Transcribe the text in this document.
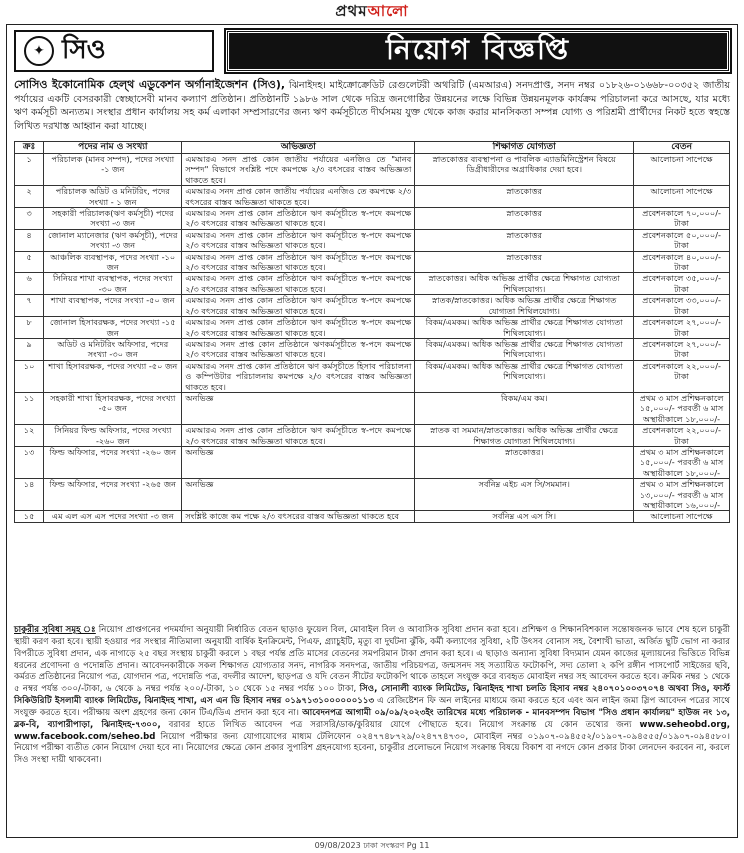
প্রথমআলো
✦ সিও	নিয়োগ বিজ্ঞপ্তি
সোসিও ইকোনোমিক হেল্থ এডুকেশন অর্গানাইজেশন (সিও), ঝিনাইদহ। মাইক্রোক্রেডিট রেগুলেটরী অথরিটি (এমআরএ) সনদপ্রাপ্ত, সনদ নম্বর ০১৮২৬-০১৬৬৮-০০৩৫২ জাতীয় পর্যায়ের একটি বেসরকারী স্বেচ্ছাসেবী মানব কল্যাণ প্রতিষ্ঠান। প্রতিষ্ঠানটি ১৯৮৬ সাল থেকে দরিদ্র জনগোষ্ঠির উন্নয়নের লক্ষে বিভিন্ন উন্নয়নমূলক কার্যক্রম পরিচালনা করে আসছে, যার মধ্যে ঋণ কর্মসূচী অন্যতম। সংস্থার প্রধান কার্যালয় সহ কর্ম এলাকা সম্প্রসারণের জন্য ঋণ কর্মসূচীতে দীর্ঘসময় যুক্ত থেকে কাজ করার মানসিকতা সম্পন্ন যোগ্য ও পরিশ্রমী প্রার্থীদের নিকট হতে স্বহস্তে লিখিত দরখাস্ত আহ্বান করা যাচ্ছে।
ক্রঃ	পদের নাম ও সংখ্যা	অভিজ্ঞতা	শিক্ষাগত যোগ্যতা	বেতন
১	পরিচালক (মানব সম্পদ), পদের সংখ্যা -১ জন	এমআরএ সনদ প্রাপ্ত কোন জাতীয় পর্যায়ের এনজিও তে "মানব সম্পদ" বিভাগে সংশ্লিষ্ট পদে কমপক্ষে ২/৩ বৎসরের বাস্তব অভিজ্ঞতা থাকতে হবে।	স্নাতকোত্তর ব্যবস্থাপনা ও পাবলিক এ্যাডমিনিস্ট্রেশন বিষয়ে ডিগ্রীধারীদের অগ্রাধিকার দেয়া হবে।	আলোচনা সাপেক্ষে
২	পরিচালক অডিট ও মনিটরিং, পদের সংখ্যা - ১ জন	এমআরএ সনদ প্রাপ্ত কোন জাতীয় পর্যায়ের এনজিও তে কমপক্ষে ২/৩ বৎসরের বাস্তব অভিজ্ঞতা থাকতে হবে।	স্নাতকোত্তর	আলোচনা সাপেক্ষে
৩	সহকারী পরিচালক(ঋণ কর্মসূচী) পদের সংখ্যা -৩ জন	এমআরএ সনদ প্রাপ্ত কোন প্রতিষ্ঠানে ঋণ কর্মসূচীতে স্ব-পদে কমপক্ষে ২/৩ বৎসরের বাস্তব অভিজ্ঞতা থাকতে হবে।	স্নাতকোত্তর	প্রবেশনকালে ৭০,০০০/-টাকা
৪	জোনাল ম্যানেজার (ঋণ কর্মসূচী), পদের সংখ্যা -৩ জন	এমআরএ সনদ প্রাপ্ত কোন প্রতিষ্ঠানে ঋণ কর্মসূচীতে স্ব-পদে কমপক্ষে ২/৩ বৎসরের বাস্তব অভিজ্ঞতা থাকতে হবে।	স্নাতকোত্তর	প্রবেশনকালে ৫০,০০০/- টাকা
৫	আঞ্চলিক ব্যবস্থাপক, পদের সংখ্যা -১০ জন	এমআরএ সনদ প্রাপ্ত কোন প্রতিষ্ঠানে ঋণ কর্মসূচীতে স্ব-পদে কমপক্ষে ২/৩ বৎসরের বাস্তব অভিজ্ঞতা থাকতে হবে।	স্নাতকোত্তর	প্রবেশনকালে ৪০,০০০/- টাকা
৬	সিনিয়র শাখা ব্যবস্থাপক, পদের সংখ্যা -৩০ জন	এমআরএ সনদ প্রাপ্ত কোন প্রতিষ্ঠানে ঋণ কর্মসূচীতে স্ব-পদে কমপক্ষে ২/৩ বৎসরের বাস্তব অভিজ্ঞতা থাকতে হবে।	স্নাতকোত্তর। অধিক অভিজ্ঞ প্রার্থীর ক্ষেত্রে শিক্ষাগত যোগ্যতা শিথিলযোগ্য।	প্রবেশনকালে ৩৫,০০০/-টাকা
৭	শাখা ব্যবস্থাপক, পদের সংখ্যা -৫০ জন	এমআরএ সনদ প্রাপ্ত কোন প্রতিষ্ঠানে ঋণ কর্মসূচীতে স্ব-পদে কমপক্ষে ২/৩ বৎসরের বাস্তব অভিজ্ঞতা থাকতে হবে।	স্নাতক/স্নাতকোত্তর। অধিক অভিজ্ঞ প্রার্থীর ক্ষেত্রে শিক্ষাগত যোগ্যতা শিথিলযোগ্য।	প্রবেশনকালে ৩৩,০০০/-টাকা
৮	জোনাল হিসাবরক্ষক, পদের সংখ্যা -১৫ জন	এমআরএ সনদ প্রাপ্ত কোন প্রতিষ্ঠানে ঋণ কর্মসূচীতে স্ব-পদে কমপক্ষে ২/৩ বৎসরের বাস্তব অভিজ্ঞতা থাকতে হবে।	বিকম/এমকম। অধিক অভিজ্ঞ প্রার্থীর ক্ষেত্রে শিক্ষাগত যোগ্যতা শিথিলযোগ্য।	প্রবেশনকালে ২৭,০০০/-টাকা
৯	অডিট ও মনিটরিং অফিসার, পদের সংখ্যা -৩০ জন	এমআরএ সনদ প্রাপ্ত কোন প্রতিষ্ঠানে ঋণকর্মসূচীতে স্ব-পদে কমপক্ষে ২/৩ বৎসরের বাস্তব অভিজ্ঞতা থাকতে হবে।	বিকম/এমকম। অধিক অভিজ্ঞ প্রার্থীর ক্ষেত্রে শিক্ষাগত যোগ্যতা শিথিলযোগ্য।	প্রবেশনকালে ২৭,০০০/-টাকা
১০	শাখা হিসাবরক্ষক, পদের সংখ্যা -৫০ জন	এমআরএ সনদ প্রাপ্ত কোন প্রতিষ্ঠানে ঋণ কর্মসূচীতে হিসাব পরিচালনা ও কম্পিউটার পরিচালনায় কমপক্ষে ২/৩ বৎসরের বাস্তব অভিজ্ঞতা থাকতে হবে।	বিকম/এমকম। অধিক অভিজ্ঞ প্রার্থীর ক্ষেত্রে শিক্ষাগত যোগ্যতা শিথিলযোগ্য।	প্রবেশনকালে ২২,০০০/-টাকা
১১	সহকারী শাখা হিসাবরক্ষক, পদের সংখ্যা -৫০ জন	অনভিজ্ঞ	বিকম/এম কম।	প্রথম ৩ মাস প্রশিক্ষনকালে ১৫,০০০/- পরবর্তী ৬ মাস অস্থায়ীকালে ১৮,০০০/-
১২	সিনিয়র ফিল্ড অফিসার, পদের সংখ্যা -২৬০ জন	এমআরএ সনদ প্রাপ্ত কোন প্রতিষ্ঠানে ঋণ কর্মসূচীতে স্ব-পদে কমপক্ষে ২/৩ বৎসরের বাস্তব অভিজ্ঞতা থাকতে হবে।	স্নাতক বা সমমান/স্নাতকোত্তর। অধিক অভিজ্ঞ প্রার্থীর ক্ষেত্রে শিক্ষাগত যোগ্যতা শিথিলযোগ্য।	প্রবেশনকালে ২২,০০০/-টাকা
১৩	ফিল্ড অফিসার, পদের সংখ্যা -২৬০ জন	অনভিজ্ঞ	স্নাতকোত্তর।	প্রথম ৩ মাস প্রশিক্ষনকালে ১৫,০০০/- পরবর্তী ৬ মাস অস্থায়ীকালে ১৮,০০০/-
১৪	ফিল্ড অফিসার, পদের সংখ্যা -২৬৫ জন	অনভিজ্ঞ	সর্বনিম্ন এইচ এস সি/সমমান।	প্রথম ৩ মাস প্রশিক্ষনকালে ১৩,০০০/- পরবর্তী ৬ মাস অস্থায়ীকালে ১৬,০০০/-
১৫	এম এল এস এস পদের সংখ্যা -৩ জন	সংশ্লিষ্ট কাজে কম পক্ষে ২/৩ বৎসরের বাস্তব অভিজ্ঞতা থাকতে হবে	সর্বনিম্ন এস এস সি।	আলোচনা সাপেক্ষে
চাকুরীর সুবিধা সমূহ ঃ নিয়োগ প্রাপ্তগনের পদমর্যাদা অনুযায়ী নির্ধারিত বেতন ছাড়াও ফুয়েল বিল, মোবাইল বিল ও আবাসিক সুবিধা প্রদান করা হবে। প্রশিক্ষণ ও শিক্ষানবিশকাল সন্তোষজনক ভাবে শেষ হলে চাকুরী স্থায়ী করণ করা হবে। স্থায়ী হওয়ার পর সংস্থার নীতিমালা অনুযায়ী বার্ষিক ইনক্রিমেন্ট, পিএফ, গ্র্যাচুইটি, মৃত্যু বা দুর্ঘটনা ঝুঁকি, কর্মী কল্যাণের সুবিধা, ২টি উৎসব বোনাস সহ, বৈশাখী ভাতা, অর্জিত ছুটি ভোগ না করার বিপরীতে সুবিধা প্রদান, এক নাগাড়ে ২৫ বছর সংস্থায় চাকুরী করলে ১ বছর পর্যন্ত প্রতি মাসের বেতনের সমপরিমান টাকা প্রদান করা হবে। এ ছাড়াও অন্যান্য সুবিধা বিদ্যমান যেমন কাজের মূল্যায়নের ভিত্তিতে বিভিন্ন ধরনের প্রণোদনা ও পদোন্নতি প্রদান। আবেদনকারীকে সকল শিক্ষাগত যোগ্যতার সনদ, নাগরিক সনদপত্র, জাতীয় পরিচয়পত্র, জন্মসনদ সহ সত্যায়িত ফটোকপি, সদ্য তোলা ২ কপি রঙ্গীন পাসপোর্ট সাইজের ছবি, কর্মরত প্রতিষ্ঠানের নিয়োগ পত্র, যোগদান পত্র, পদোন্নতি পত্র, বদলীর আদেশ, ছাড়পত্র ও যদি বেতন সীটের ফটোকপি থাকে তাহলে সংযুক্ত করে ব্যবহৃত মোবাইল নম্বর সহ আবেদন করতে হবে। ক্রমিক নম্বর ১ থেকে ৫ নম্বর পর্যন্ত ৩০০/-টাকা, ৬ থেকে ৯ নম্বর পর্যন্ত ২০০/-টাকা, ১০ থেকে ১৫ নম্বর পর্যন্ত ১০০ টাকা, সিও, সোনালী ব্যাংক লিমিটেড, ঝিনাইদহ শাখা চলতি হিসাব নম্বর ২৪০৭০১০০৩৭০৭৪ অথবা সিও, ফার্স্ট সিকিউরিটি ইসলামী ব্যাংক লিমিটেড, ঝিনাইদহ শাখা, এস এন ডি হিসাব নম্বর ০১৯৭১৩১০০০০০০১১৩ এ রেজিষ্টেশন ফি অন লাইনের মাধ্যমে জমা করতে হবে এবং অন লাইন জমা স্লিপ আবেদন পত্রের সাথে সংযুক্ত করতে হবে। পরীক্ষায় অংশ গ্রহণের জন্য কোন টিএ/ডিএ প্রদান করা হবে না। আবেদনপত্র আগামী ০৯/০৯/২০২৩ইং তারিখের মধ্যে পরিচালক - মানবসম্পদ বিভাগ "সিও প্রধান কার্যালয়" হাউজ নং ১৩, ব্লক-বি, ব্যাপারীপাড়া, ঝিনাইদহ-৭৩০০, বরাবর হাতে লিখিত আবেদন পত্র সরাসরি/ডাক/কুরিয়ার যোগে পৌছাতে হবে। নিয়োগ সংক্রান্ত যে কোন তথ্যের জন্য www.seheobd.org, www.facebook.com/seheo.bd নিয়োগ পরীক্ষার জন্য যোগাযোগের মাধ্যম টেলিফোন ০২৪৭৭৪৮৭২৯/০২৪৭৭৪৭৩০, মোবাইল নম্বর ০১৯০৭-০৯৪৫৫২/০১৯০৭-০৯৪৫৫৫/০১৯০৭-০৯৪৫৮০। নিয়োগ পরীক্ষা ব্যতীত কোন নিয়োগ দেয়া হবে না। নিয়োগের ক্ষেত্রে কোন প্রকার সুপারিশ গ্রহনযোগ্য হবেনা, চাকুরীর প্রলোভনে নিয়োগ সংক্রান্ত বিষয়ে বিকাশ বা নগদে কোন প্রকার টাকা লেনদেন করবেন না, করলে সিও সংস্থা দায়ী থাকবেনা।
09/08/2023 ঢাকা সংস্করণ Pg 11
